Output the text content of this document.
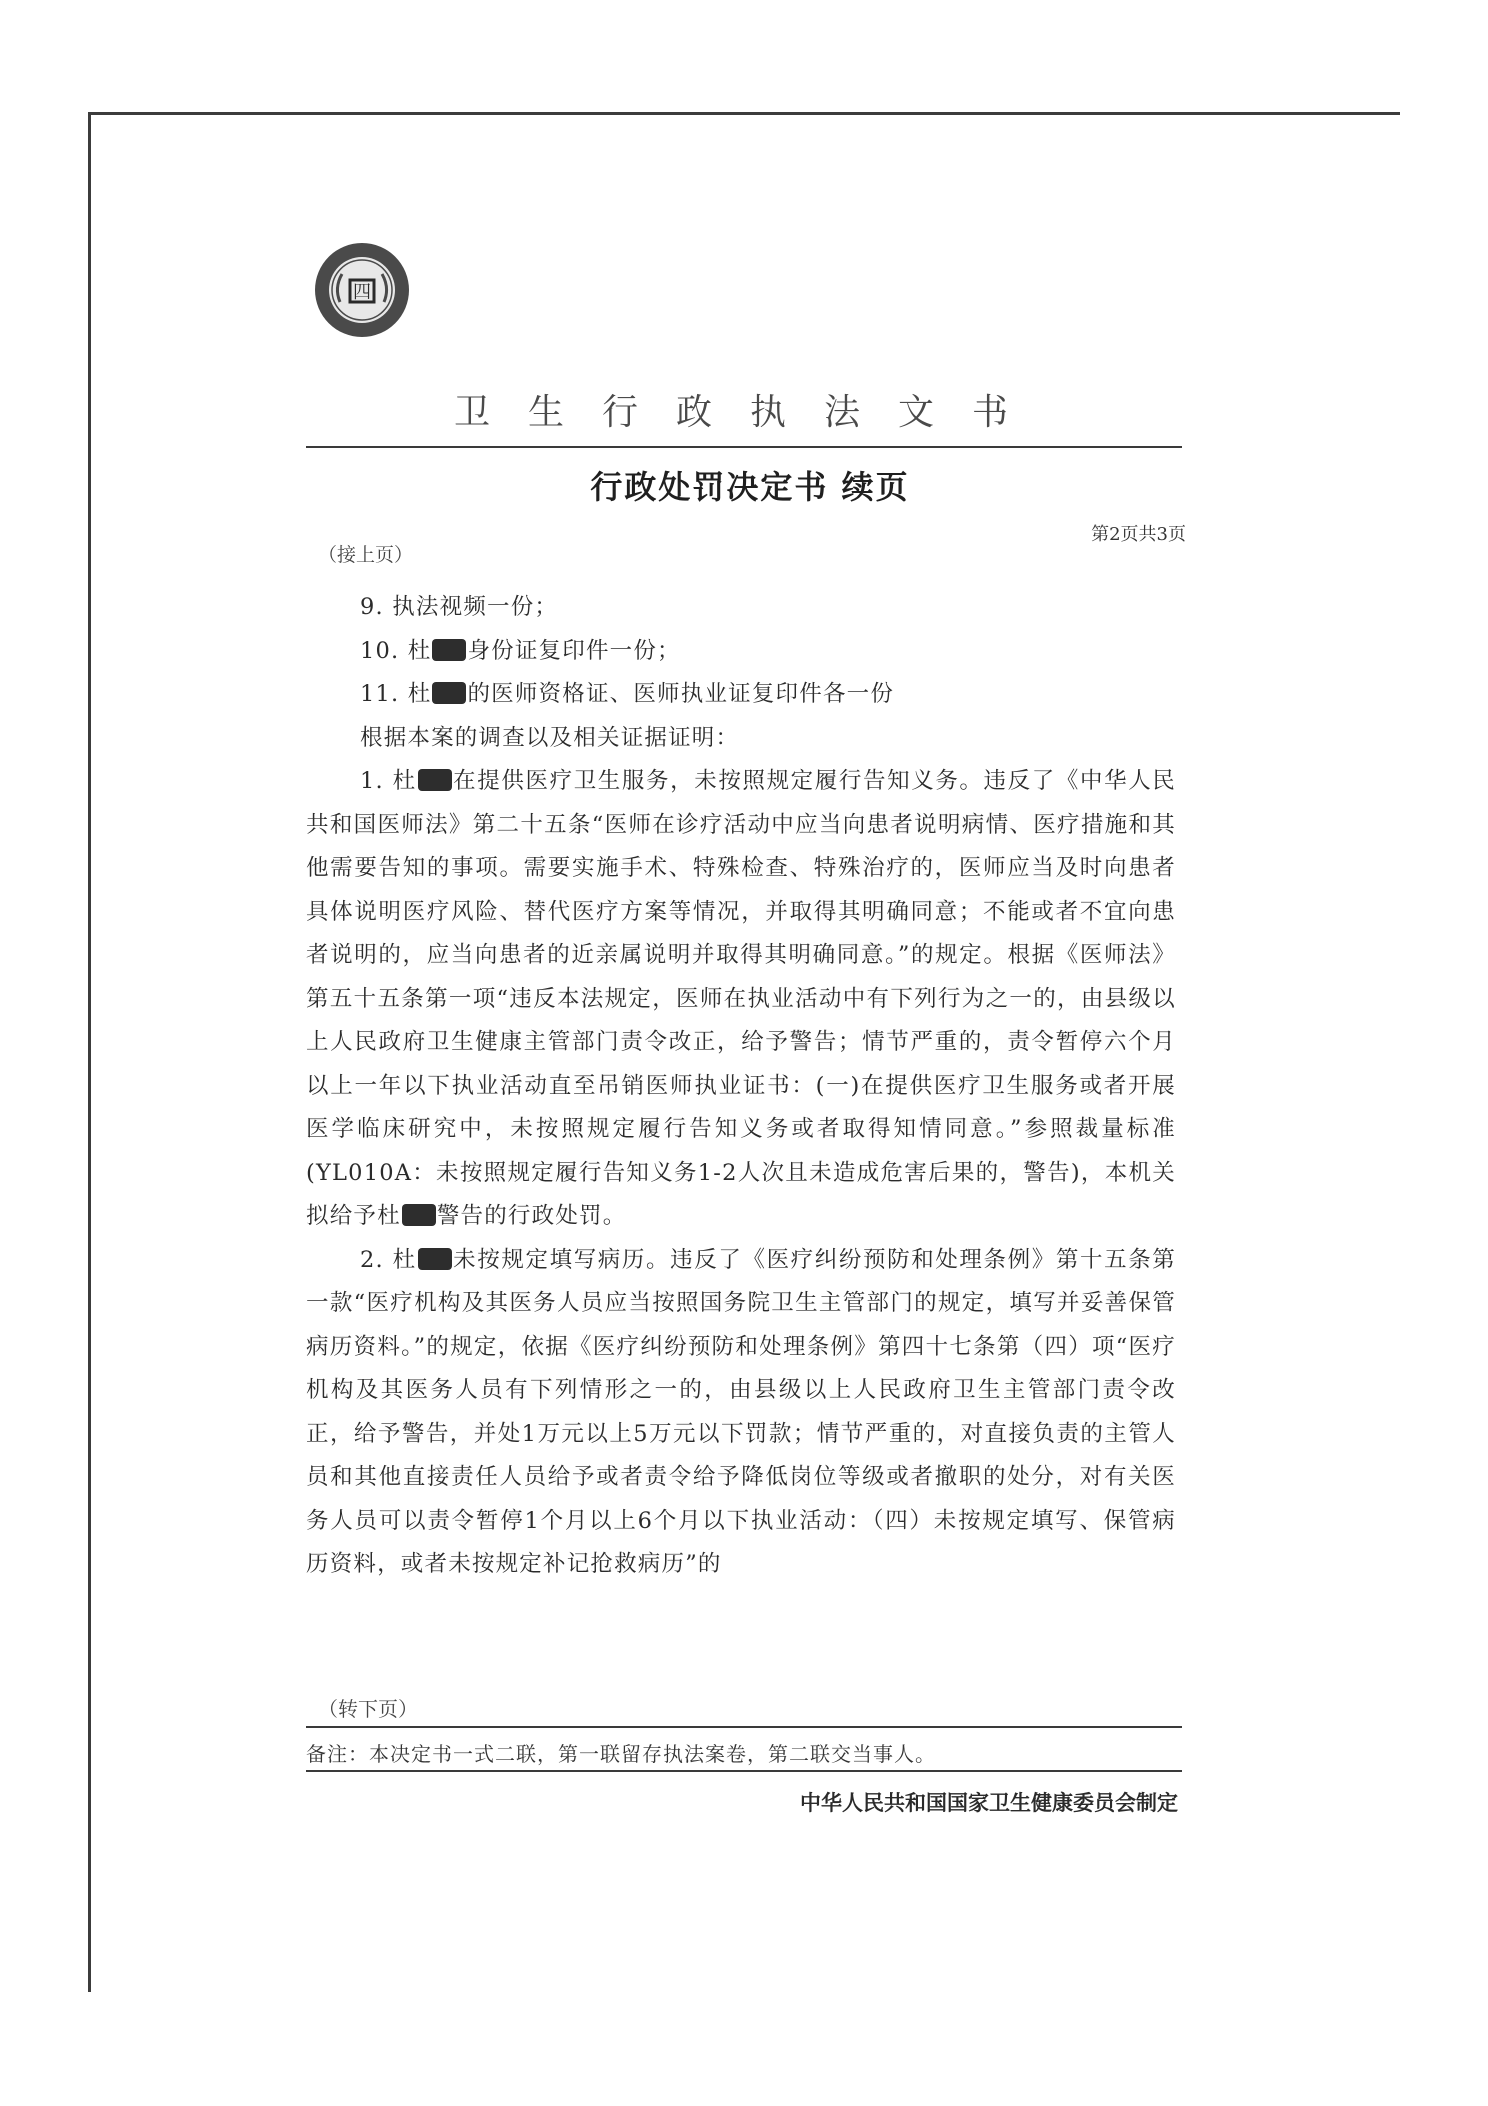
四
卫生行政执法文书
行政处罚决定书 续页
第2页共3页
（接上页）

9. 执法视频一份；

10. 杜 身份证复印件一份；

11. 杜 的医师资格证、医师执业证复印件各一份

根据本案的调查以及相关证据证明：

1. 杜 在提供医疗卫生服务，未按照规定履行告知义务。违反了《中华人民共和国医师法》第二十五条“医师在诊疗活动中应当向患者说明病情、医疗措施和其他需要告知的事项。需要实施手术、特殊检查、特殊治疗的，医师应当及时向患者具体说明医疗风险、替代医疗方案等情况，并取得其明确同意；不能或者不宜向患者说明的，应当向患者的近亲属说明并取得其明确同意。”的规定。根据《医师法》第五十五条第一项“违反本法规定，医师在执业活动中有下列行为之一的，由县级以上人民政府卫生健康主管部门责令改正，给予警告；情节严重的，责令暂停六个月以上一年以下执业活动直至吊销医师执业证书：(一)在提供医疗卫生服务或者开展医学临床研究中，未按照规定履行告知义务或者取得知情同意。”参照裁量标准(YL010A：未按照规定履行告知义务1-2人次且未造成危害后果的，警告)，本机关拟给予杜 警告的行政处罚。

2. 杜 未按规定填写病历。违反了《医疗纠纷预防和处理条例》第十五条第一款“医疗机构及其医务人员应当按照国务院卫生主管部门的规定，填写并妥善保管病历资料。”的规定，依据《医疗纠纷预防和处理条例》第四十七条第（四）项“医疗机构及其医务人员有下列情形之一的，由县级以上人民政府卫生主管部门责令改正，给予警告，并处1万元以上5万元以下罚款；情节严重的，对直接负责的主管人员和其他直接责任人员给予或者责令给予降低岗位等级或者撤职的处分，对有关医务人员可以责令暂停1个月以上6个月以下执业活动：（四）未按规定填写、保管病历资料，或者未按规定补记抢救病历”的

（转下页）
备注：本决定书一式二联，第一联留存执法案卷，第二联交当事人。
中华人民共和国国家卫生健康委员会制定
